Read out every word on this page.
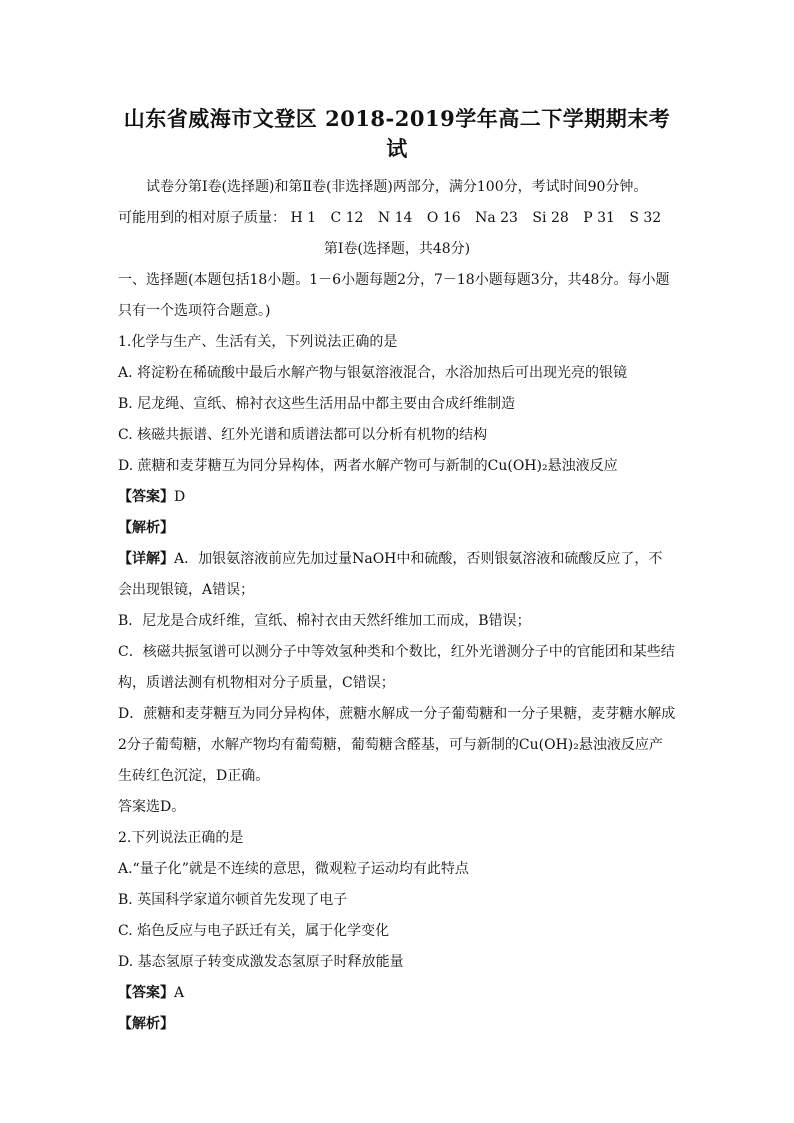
山东省威海市文登区 2018-2019学年高二下学期期末考试
试卷分第Ⅰ卷(选择题)和第Ⅱ卷(非选择题)两部分，满分100分，考试时间90分钟。
可能用到的相对原子质量： H 1 C 12 N 14 O 16 Na 23 Si 28 P 31 S 32
第Ⅰ卷(选择题，共48分)
一、选择题(本题包括18小题。1－6小题每题2分，7－18小题每题3分，共48分。每小题只有一个选项符合题意。)
1.化学与生产、生活有关，下列说法正确的是
A. 将淀粉在稀硫酸中最后水解产物与银氨溶液混合，水浴加热后可出现光亮的银镜
B. 尼龙绳、宣纸、棉衬衣这些生活用品中都主要由合成纤维制造
C. 核磁共振谱、红外光谱和质谱法都可以分析有机物的结构
D. 蔗糖和麦芽糖互为同分异构体，两者水解产物可与新制的Cu(OH)₂悬浊液反应
【答案】D
【解析】
【详解】A．加银氨溶液前应先加过量NaOH中和硫酸，否则银氨溶液和硫酸反应了，不会出现银镜，A错误；
B．尼龙是合成纤维，宣纸、棉衬衣由天然纤维加工而成，B错误；
C．核磁共振氢谱可以测分子中等效氢种类和个数比，红外光谱测分子中的官能团和某些结构，质谱法测有机物相对分子质量，C错误；
D．蔗糖和麦芽糖互为同分异构体，蔗糖水解成一分子葡萄糖和一分子果糖，麦芽糖水解成2分子葡萄糖，水解产物均有葡萄糖，葡萄糖含醛基，可与新制的Cu(OH)₂悬浊液反应产生砖红色沉淀，D正确。
答案选D。
2.下列说法正确的是
A.“量子化”就是不连续的意思，微观粒子运动均有此特点
B. 英国科学家道尔顿首先发现了电子
C. 焰色反应与电子跃迁有关，属于化学变化
D. 基态氢原子转变成激发态氢原子时释放能量
【答案】A
【解析】
